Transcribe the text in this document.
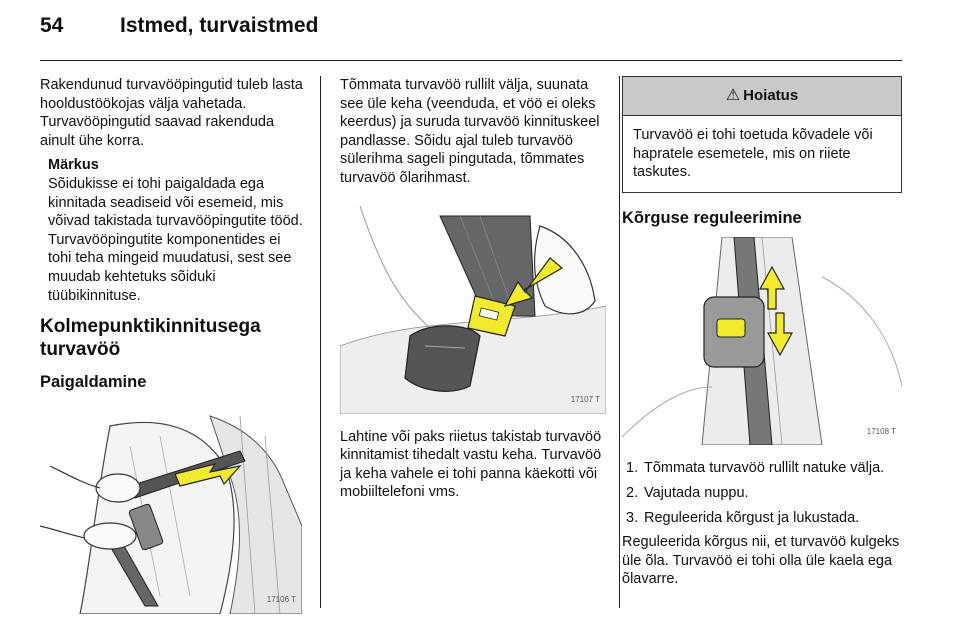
54	Istmed, turvaistmed

Rakendunud turvavööpingutid tuleb lasta hooldustöökojas välja vahetada. Turvavööpingutid saavad rakenduda ainult ühe korra.

Märkus
Sõidukisse ei tohi paigaldada ega kinnitada seadiseid või esemeid, mis võivad takistada turvavööpingutite tööd. Turvavööpingutite komponentides ei tohi teha mingeid muudatusi, sest see muudab kehtetuks sõiduki tüübikinnituse.
Kolmepunktikinnitusega turvavöö
Paigaldamine
17106 T

Tõmmata turvavöö rullilt välja, suunata see üle keha (veenduda, et vöö ei oleks keerdus) ja suruda turvavöö kinnituskeel pandlasse. Sõidu ajal tuleb turvavöö sülerihma sageli pingutada, tõmmates turvavöö õlarihmast.

17107 T

Lahtine või paks riietus takistab turvavöö kinnitamist tihedalt vastu keha. Turvavöö ja keha vahele ei tohi panna käekotti või mobiiltelefoni vms.

⚠ Hoiatus
Turvavöö ei tohi toetuda kõvadele või hapratele esemetele, mis on riiete taskutes.
Kõrguse reguleerimine
17108 T
1. Tõmmata turvavöö rullilt natuke välja.
2. Vajutada nuppu.
3. Reguleerida kõrgust ja lukustada.

Reguleerida kõrgus nii, et turvavöö kulgeks üle õla. Turvavöö ei tohi olla üle kaela ega õlavarre.
